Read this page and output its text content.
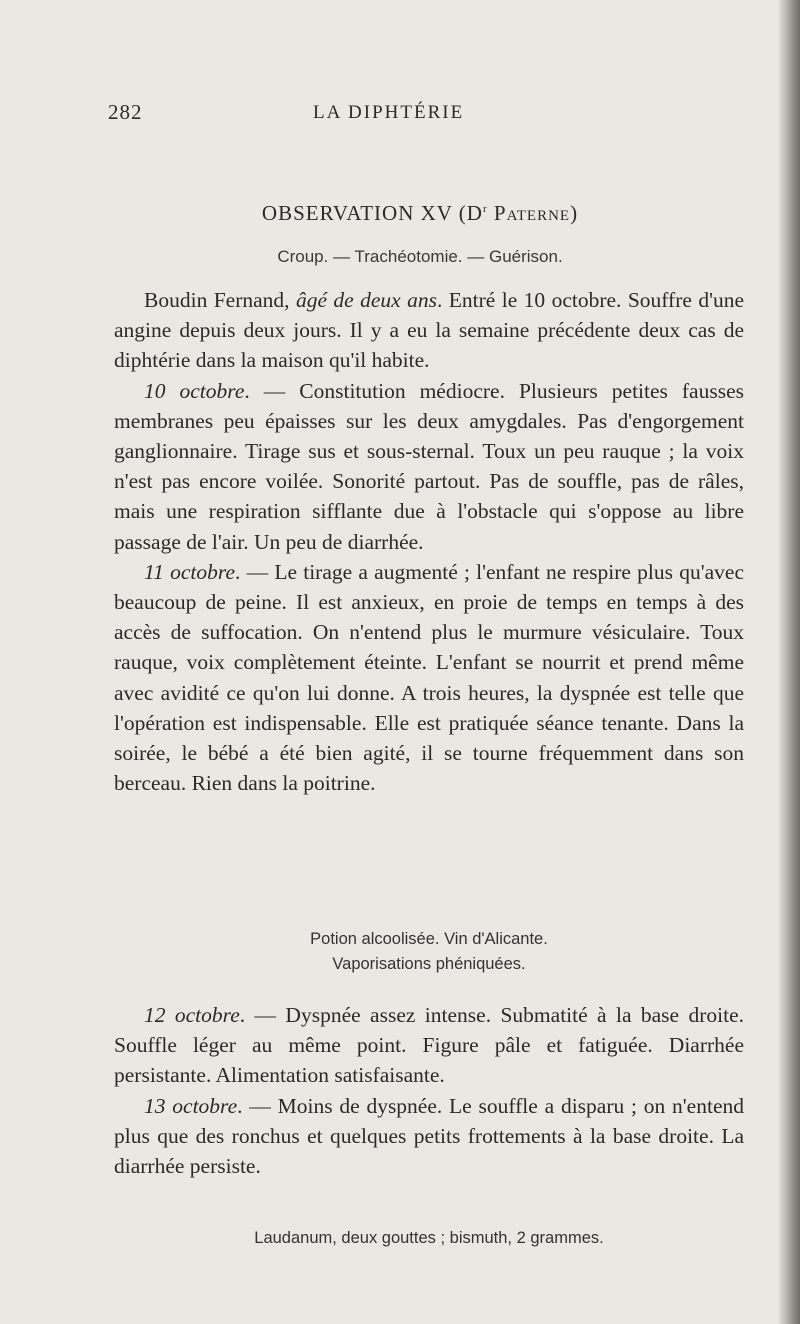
282	LA DIPHTÉRIE
OBSERVATION XV ($D^r$ Paterne)
Croup. — Trachéotomie. — Guérison.

Boudin Fernand, âgé de deux ans. Entré le 10 octobre. Souffre d'une angine depuis deux jours. Il y a eu la semaine précédente deux cas de diphtérie dans la maison qu'il habite.

10 octobre. — Constitution médiocre. Plusieurs petites fausses membranes peu épaisses sur les deux amygdales. Pas d'engorgement ganglionnaire. Tirage sus et sous-sternal. Toux un peu rauque ; la voix n'est pas encore voilée. Sonorité partout. Pas de souffle, pas de râles, mais une respiration sifflante due à l'obstacle qui s'oppose au libre passage de l'air. Un peu de diarrhée.

11 octobre. — Le tirage a augmenté ; l'enfant ne respire plus qu'avec beaucoup de peine. Il est anxieux, en proie de temps en temps à des accès de suffocation. On n'entend plus le murmure vésiculaire. Toux rauque, voix complètement éteinte. L'enfant se nourrit et prend même avec avidité ce qu'on lui donne. A trois heures, la dyspnée est telle que l'opération est indispensable. Elle est pratiquée séance tenante. Dans la soirée, le bébé a été bien agité, il se tourne fréquemment dans son berceau. Rien dans la poitrine.

Potion alcoolisée. Vin d'Alicante.
Vaporisations phéniquées.

12 octobre. — Dyspnée assez intense. Submatité à la base droite. Souffle léger au même point. Figure pâle et fatiguée. Diarrhée persistante. Alimentation satisfaisante.

13 octobre. — Moins de dyspnée. Le souffle a disparu ; on n'entend plus que des ronchus et quelques petits frottements à la base droite. La diarrhée persiste.

Laudanum, deux gouttes ; bismuth, 2 grammes.
